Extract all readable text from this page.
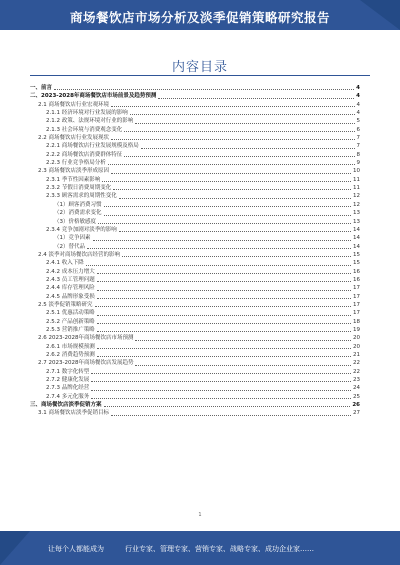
商场餐饮店市场分析及淡季促销策略研究报告
内容目录
一、前言	4
二、2023-2028年商场餐饮店市场前景及趋势预测	4
2.1 商场餐饮店行业宏观环境	4
2.1.1 经济环境对行业发展的影响	4
2.1.2 政策、法规环境对行业的影响	5
2.1.3 社会环境与消费观念变化	6
2.2 商场餐饮店行业发展现状	7
2.2.1 商场餐饮店行业发展规模及格局	7
2.2.2 商场餐饮店消费群体特征	8
2.2.3 行业竞争格局分析	9
2.3 商场餐饮店淡季形成原因	10
2.3.1 季节性因素影响	11
2.3.2 节假日消费周期变化	11
2.3.3 顾客需求的周期性变化	12
（1）顾客消费习惯	12
（2）消费需求变化	13
（3）价格敏感度	13
2.3.4 竞争加剧对淡季的影响	14
（1）竞争因素	14
（2）替代品	14
2.4 淡季对商场餐饮店经营的影响	15
2.4.1 收入下降	15
2.4.2 成本压力增大	16
2.4.3 员工管理问题	16
2.4.4 库存管理风险	17
2.4.5 品牌形象受损	17
2.5 淡季促销策略研究	17
2.5.1 优惠活动策略	17
2.5.2 产品创新策略	18
2.5.3 营销推广策略	19
2.6 2023-2028年商场餐饮店市场预测	20
2.6.1 市场规模预测	20
2.6.2 消费趋势预测	21
2.7 2023-2028年商场餐饮店发展趋势	22
2.7.1 数字化转型	22
2.7.2 健康化发展	23
2.7.3 品牌化经营	24
2.7.4 多元化服务	25
三、商场餐饮店淡季促销方案	26
3.1 商场餐饮店淡季促销目标	27
1
让每个人都能成为	行业专家、管理专家、营销专家、战略专家、成功企业家……
